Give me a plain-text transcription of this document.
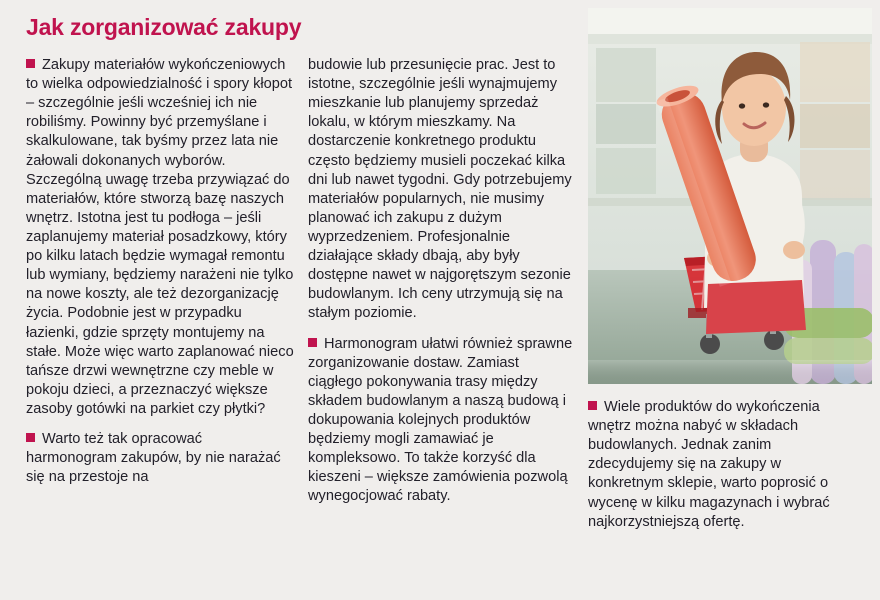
Jak zorganizować zakupy

Zakupy materiałów wykończeniowych to wielka odpowiedzialność i spory kłopot – szczególnie jeśli wcześniej ich nie robiliśmy. Powinny być przemyślane i skalkulowane, tak byśmy przez lata nie żałowali dokonanych wyborów. Szczególną uwagę trzeba przywiązać do materiałów, które stworzą bazę naszych wnętrz. Istotna jest tu podłoga – jeśli zaplanujemy materiał posadzkowy, który po kilku latach będzie wymagał remontu lub wymiany, będziemy narażeni nie tylko na nowe koszty, ale też dezorganizację życia. Podobnie jest w przypadku łazienki, gdzie sprzęty montujemy na stałe. Może więc warto zaplanować nieco tańsze drzwi wewnętrzne czy meble w pokoju dzieci, a przeznaczyć większe zasoby gotówki na parkiet czy płytki?

Warto też tak opracować harmonogram zakupów, by nie narażać się na przestoje na

budowie lub przesunięcie prac. Jest to istotne, szczególnie jeśli wynajmujemy mieszkanie lub planujemy sprzedaż lokalu, w którym mieszkamy. Na dostarczenie konkretnego produktu często będziemy musieli poczekać kilka dni lub nawet tygodni. Gdy potrzebujemy materiałów popularnych, nie musimy planować ich zakupu z dużym wyprzedzeniem. Profesjonalnie działające składy dbają, aby były dostępne nawet w najgorętszym sezonie budowlanym. Ich ceny utrzymują się na stałym poziomie.

Harmonogram ułatwi również sprawne zorganizowanie dostaw. Zamiast ciągłego pokonywania trasy między składem budowlanym a naszą budową i dokupowania kolejnych produktów będziemy mogli zamawiać je kompleksowo. To także korzyść dla kieszeni – większe zamówienia pozwolą wynegocjować rabaty.

Wiele produktów do wykończenia wnętrz można nabyć w składach budowlanych. Jednak zanim zdecydujemy się na zakupy w konkretnym sklepie, warto poprosić o wycenę w kilku magazynach i wybrać najkorzystniejszą ofertę.
